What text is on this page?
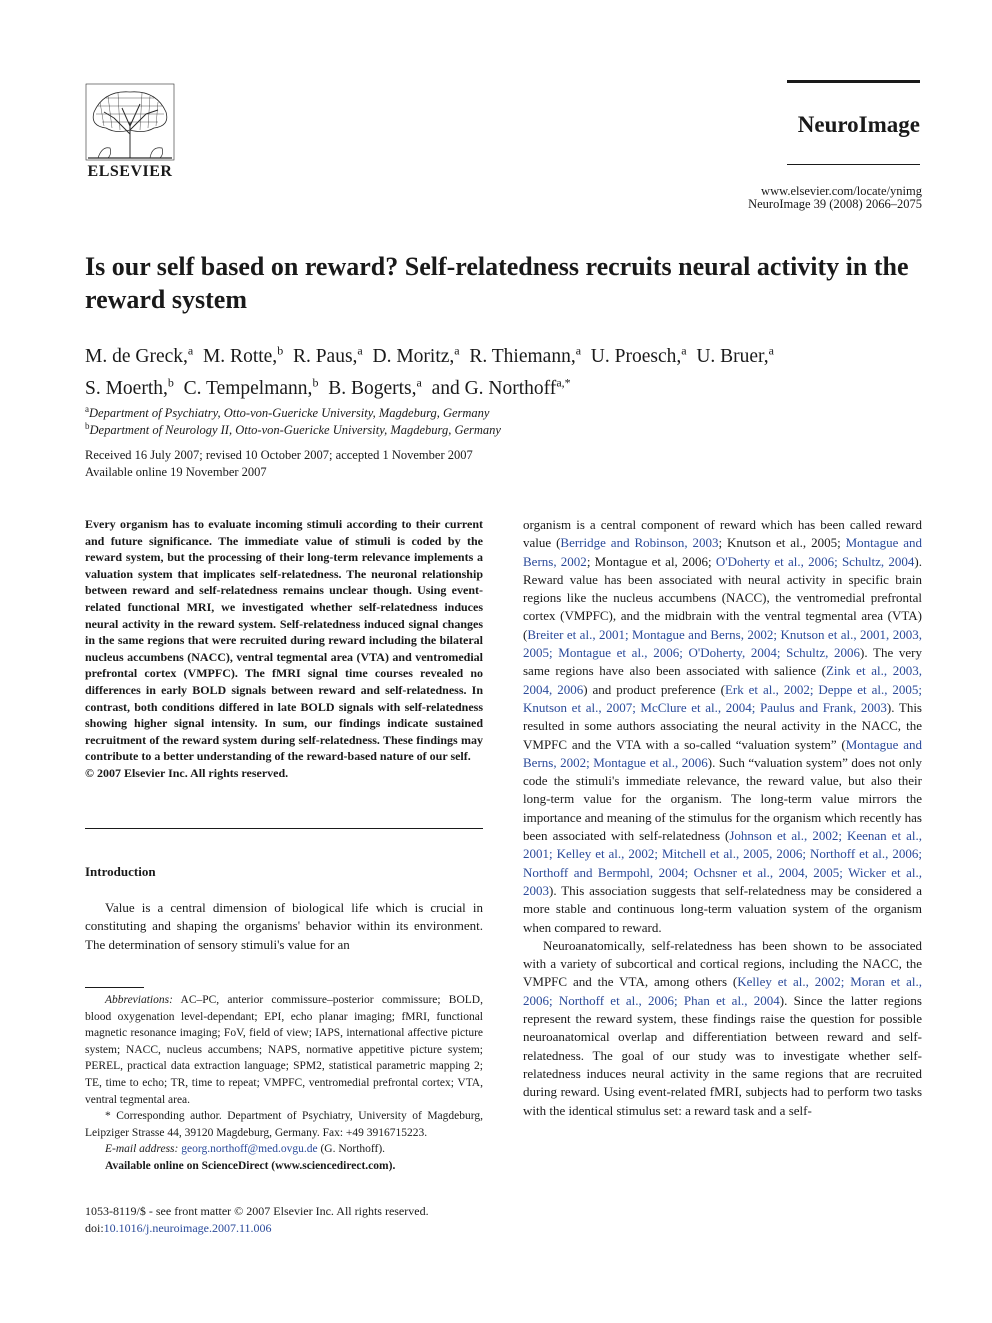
ELSEVIER
NeuroImage
www.elsevier.com/locate/ynimg
NeuroImage 39 (2008) 2066–2075
Is our self based on reward? Self-relatedness recruits neural activity in the reward system
M. de Greck,$^a$ M. Rotte,$^b$ R. Paus,$^a$ D. Moritz,$^a$ R. Thiemann,$^a$ U. Proesch,$^a$ U. Bruer,$^a$
S. Moerth,$^b$ C. Tempelmann,$^b$ B. Bogerts,$^a$ and G. Northoff$^{a,*}$
$^a$Department of Psychiatry, Otto-von-Guericke University, Magdeburg, Germany
$^b$Department of Neurology II, Otto-von-Guericke University, Magdeburg, Germany
Received 16 July 2007; revised 10 October 2007; accepted 1 November 2007
Available online 19 November 2007
Every organism has to evaluate incoming stimuli according to their current and future significance. The immediate value of stimuli is coded by the reward system, but the processing of their long-term relevance implements a valuation system that implicates self-relatedness. The neuronal relationship between reward and self-relatedness remains unclear though. Using event-related functional MRI, we investigated whether self-relatedness induces neural activity in the reward system. Self-relatedness induced signal changes in the same regions that were recruited during reward including the bilateral nucleus accumbens (NACC), ventral tegmental area (VTA) and ventromedial prefrontal cortex (VMPFC). The fMRI signal time courses revealed no differences in early BOLD signals between reward and self-relatedness. In contrast, both conditions differed in late BOLD signals with self-relatedness showing higher signal intensity. In sum, our findings indicate sustained recruitment of the reward system during self-relatedness. These findings may contribute to a better understanding of the reward-based nature of our self.
© 2007 Elsevier Inc. All rights reserved.
Introduction

Value is a central dimension of biological life which is crucial in constituting and shaping the organisms' behavior within its environment. The determination of sensory stimuli's value for an

Abbreviations: AC–PC, anterior commissure–posterior commissure; BOLD, blood oxygenation level-dependant; EPI, echo planar imaging; fMRI, functional magnetic resonance imaging; FoV, field of view; IAPS, international affective picture system; NACC, nucleus accumbens; NAPS, normative appetitive picture system; PEREL, practical data extraction language; SPM2, statistical parametric mapping 2; TE, time to echo; TR, time to repeat; VMPFC, ventromedial prefrontal cortex; VTA, ventral tegmental area.

* Corresponding author. Department of Psychiatry, University of Magdeburg, Leipziger Strasse 44, 39120 Magdeburg, Germany. Fax: +49 3916715223.

E-mail address: georg.northoff@med.ovgu.de (G. Northoff).

Available online on ScienceDirect (www.sciencedirect.com).

1053-8119/$ - see front matter © 2007 Elsevier Inc. All rights reserved.
doi:10.1016/j.neuroimage.2007.11.006

organism is a central component of reward which has been called reward value (Berridge and Robinson, 2003; Knutson et al., 2005; Montague and Berns, 2002; Montague et al, 2006; O'Doherty et al., 2006; Schultz, 2004). Reward value has been associated with neural activity in specific brain regions like the nucleus accumbens (NACC), the ventromedial prefrontal cortex (VMPFC), and the midbrain with the ventral tegmental area (VTA) (Breiter et al., 2001; Montague and Berns, 2002; Knutson et al., 2001, 2003, 2005; Montague et al., 2006; O'Doherty, 2004; Schultz, 2006). The very same regions have also been associated with salience (Zink et al., 2003, 2004, 2006) and product preference (Erk et al., 2002; Deppe et al., 2005; Knutson et al., 2007; McClure et al., 2004; Paulus and Frank, 2003). This resulted in some authors associating the neural activity in the NACC, the VMPFC and the VTA with a so-called “valuation system” (Montague and Berns, 2002; Montague et al., 2006). Such “valuation system” does not only code the stimuli's immediate relevance, the reward value, but also their long-term value for the organism. The long-term value mirrors the importance and meaning of the stimulus for the organism which recently has been associated with self-relatedness (Johnson et al., 2002; Keenan et al., 2001; Kelley et al., 2002; Mitchell et al., 2005, 2006; Northoff et al., 2006; Northoff and Bermpohl, 2004; Ochsner et al., 2004, 2005; Wicker et al., 2003). This association suggests that self-relatedness may be considered a more stable and continuous long-term valuation system of the organism when compared to reward.

Neuroanatomically, self-relatedness has been shown to be associated with a variety of subcortical and cortical regions, including the NACC, the VMPFC and the VTA, among others (Kelley et al., 2002; Moran et al., 2006; Northoff et al., 2006; Phan et al., 2004). Since the latter regions represent the reward system, these findings raise the question for possible neuroanatomical overlap and differentiation between reward and self-relatedness. The goal of our study was to investigate whether self-relatedness induces neural activity in the same regions that are recruited during reward. Using event-related fMRI, subjects had to perform two tasks with the identical stimulus set: a reward task and a self-
